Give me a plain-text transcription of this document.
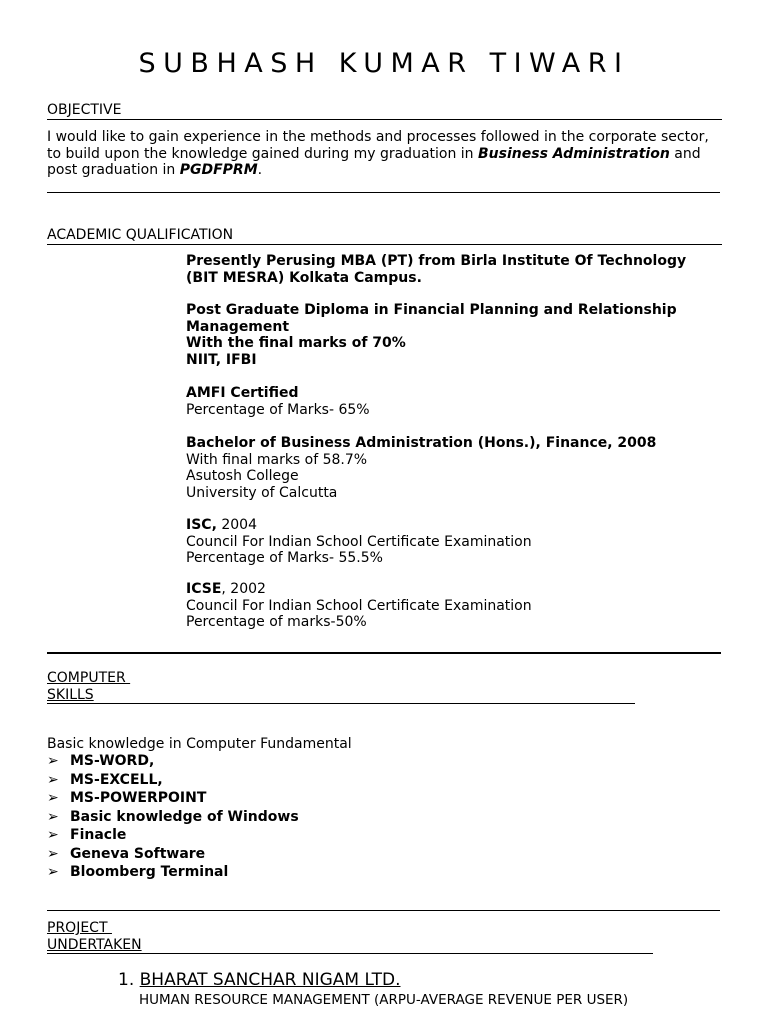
SUBHASH KUMAR TIWARI
OBJECTIVE
I would like to gain experience in the methods and processes followed in the corporate sector,
to build upon the knowledge gained during my graduation in Business Administration and
post graduation in PGDFPRM.
ACADEMIC QUALIFICATION
Presently Perusing MBA (PT) from Birla Institute Of Technology
(BIT MESRA) Kolkata Campus.
Post Graduate Diploma in Financial Planning and Relationship
Management
With the final marks of 70%
NIIT, IFBI
AMFI Certified
Percentage of Marks- 65%
Bachelor of Business Administration (Hons.), Finance, 2008
With final marks of 58.7%
Asutosh College
University of Calcutta
ISC, 2004
Council For Indian School Certificate Examination
Percentage of Marks- 55.5%
ICSE, 2002
Council For Indian School Certificate Examination
Percentage of marks-50%
COMPUTER
SKILLS
Basic knowledge in Computer Fundamental
➢ MS-WORD,
➢ MS-EXCELL,
➢ MS-POWERPOINT
➢ Basic knowledge of Windows
➢ Finacle
➢ Geneva Software
➢ Bloomberg Terminal
PROJECT
UNDERTAKEN
1. BHARAT SANCHAR NIGAM LTD.
HUMAN RESOURCE MANAGEMENT (ARPU-AVERAGE REVENUE PER USER)
